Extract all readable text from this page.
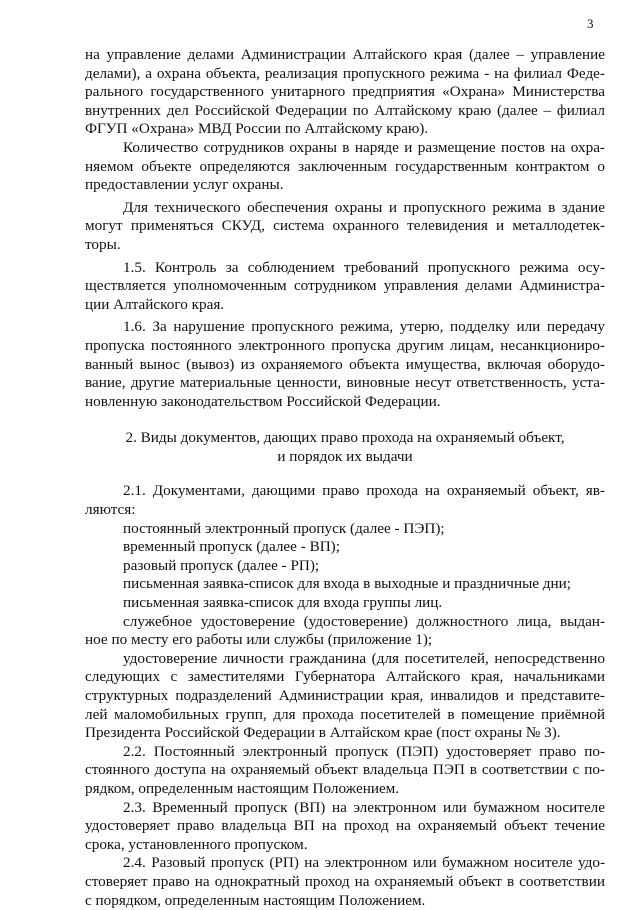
3

на управление делами Администрации Алтайского края (далее – управление
делами), а охрана объекта, реализация пропускного режима - на филиал Феде-
рального государственного унитарного предприятия «Охрана» Министерства
внутренних дел Российской Федерации по Алтайскому краю (далее – филиал
ФГУП «Охрана» МВД России по Алтайскому краю).

Количество сотрудников охраны в наряде и размещение постов на охра-
няемом объекте определяются заключенным государственным контрактом о
предоставлении услуг охраны.

Для технического обеспечения охраны и пропускного режима в здание
могут применяться СКУД, система охранного телевидения и металлодетек-
торы.

1.5. Контроль за соблюдением требований пропускного режима осу-
ществляется уполномоченным сотрудником управления делами Администра-
ции Алтайского края.

1.6. За нарушение пропускного режима, утерю, подделку или передачу
пропуска постоянного электронного пропуска другим лицам, несанкциониро-
ванный вынос (вывоз) из охраняемого объекта имущества, включая оборудо-
вание, другие материальные ценности, виновные несут ответственность, уста-
новленную законодательством Российской Федерации.

2. Виды документов, дающих право прохода на охраняемый объект,
и порядок их выдачи

2.1. Документами, дающими право прохода на охраняемый объект, яв-
ляются:

постоянный электронный пропуск (далее - ПЭП);
временный пропуск (далее - ВП);
разовый пропуск (далее - РП);
письменная заявка-список для входа в выходные и праздничные дни;
письменная заявка-список для входа группы лиц.

служебное удостоверение (удостоверение) должностного лица, выдан-
ное по месту его работы или службы (приложение 1);

удостоверение личности гражданина (для посетителей, непосредственно
следующих с заместителями Губернатора Алтайского края, начальниками
структурных подразделений Администрации края, инвалидов и представите-
лей маломобильных групп, для прохода посетителей в помещение приёмной
Президента Российской Федерации в Алтайском крае (пост охраны № 3).

2.2. Постоянный электронный пропуск (ПЭП) удостоверяет право по-
стоянного доступа на охраняемый объект владельца ПЭП в соответствии с по-
рядком, определенным настоящим Положением.

2.3. Временный пропуск (ВП) на электронном или бумажном носителе
удостоверяет право владельца ВП на проход на охраняемый объект течение
срока, установленного пропуском.

2.4. Разовый пропуск (РП) на электронном или бумажном носителе удо-
стоверяет право на однократный проход на охраняемый объект в соответствии
с порядком, определенным настоящим Положением.
